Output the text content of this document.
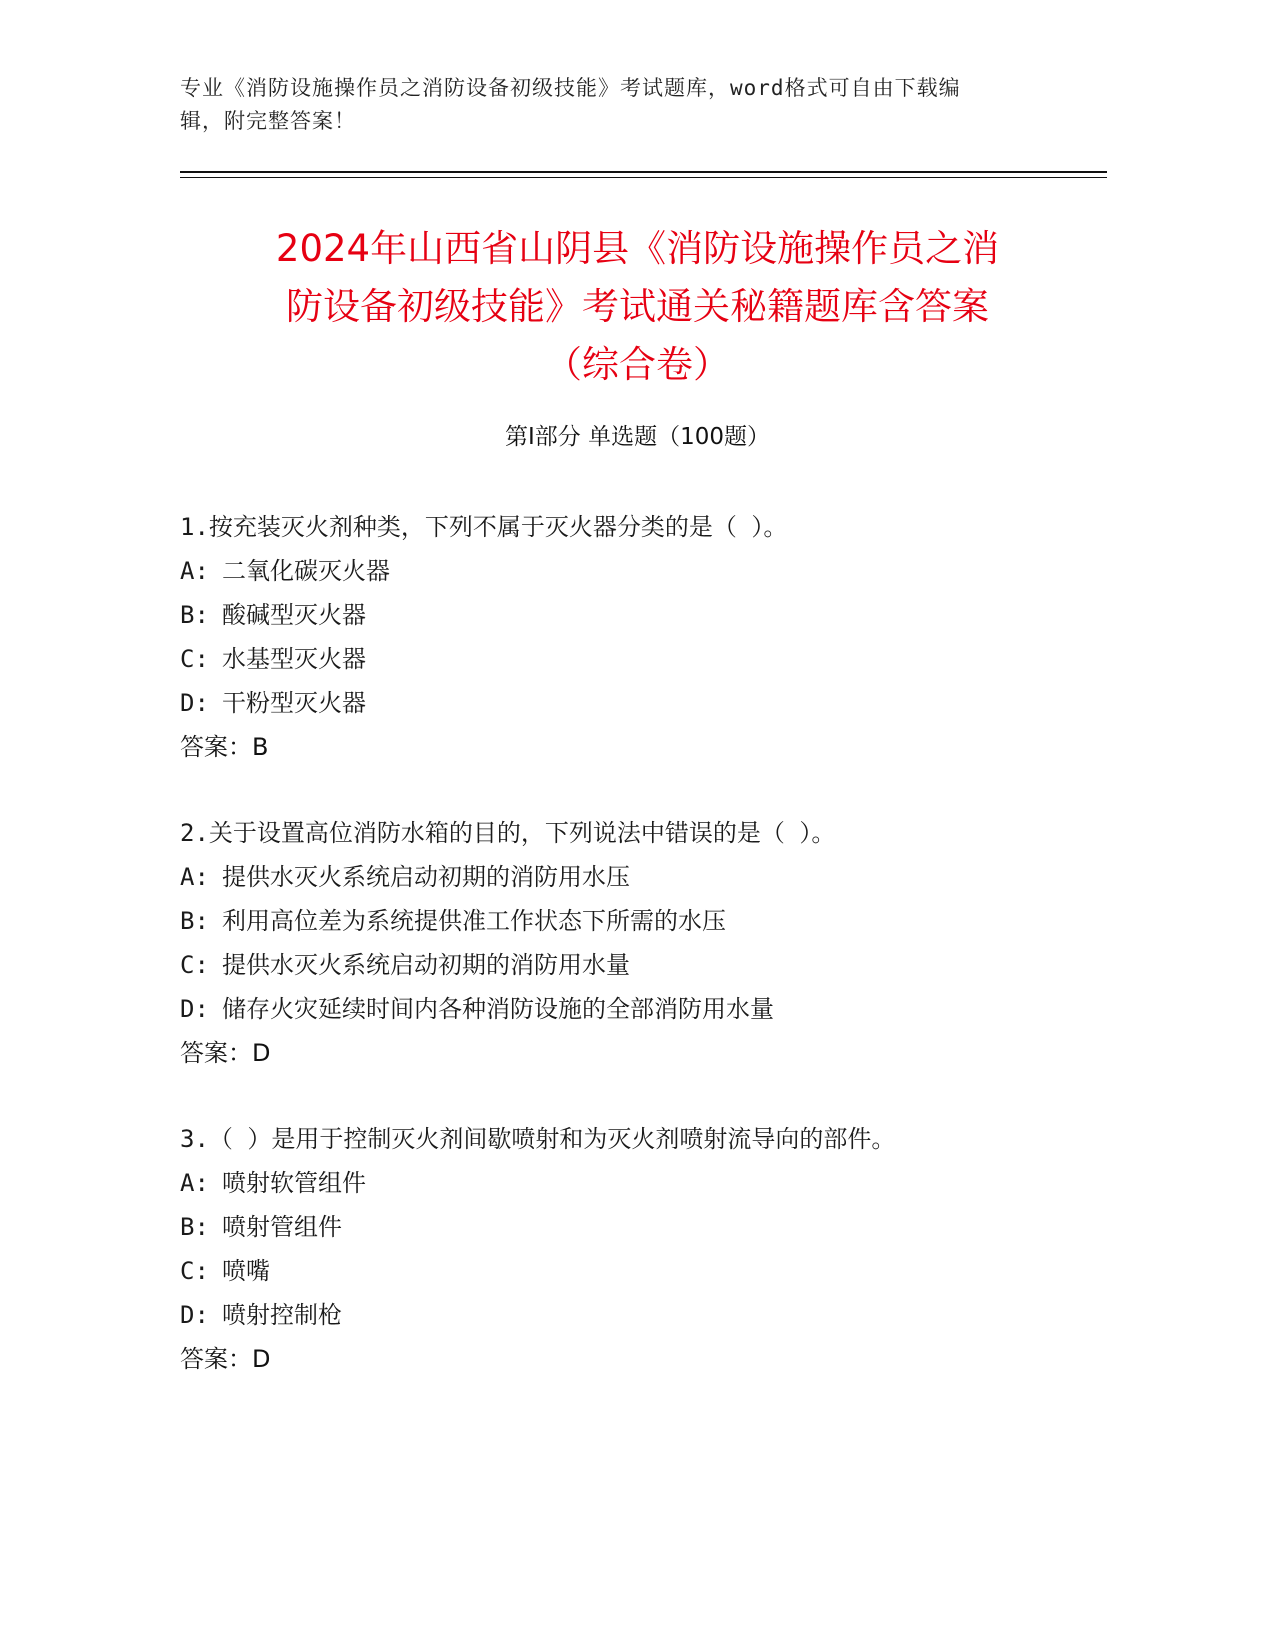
专业《消防设施操作员之消防设备初级技能》考试题库，word格式可自由下载编
辑，附完整答案！
2024年山西省山阴县《消防设施操作员之消
防设备初级技能》考试通关秘籍题库含答案
（综合卷）
第Ⅰ部分 单选题（100题）
1.按充装灭火剂种类，下列不属于灭火器分类的是（ ）。
A: 二氧化碳灭火器
B: 酸碱型灭火器
C: 水基型灭火器
D: 干粉型灭火器
答案：B
2.关于设置高位消防水箱的目的，下列说法中错误的是（ ）。
A: 提供水灭火系统启动初期的消防用水压
B: 利用高位差为系统提供准工作状态下所需的水压
C: 提供水灭火系统启动初期的消防用水量
D: 储存火灾延续时间内各种消防设施的全部消防用水量
答案：D
3.（ ）是用于控制灭火剂间歇喷射和为灭火剂喷射流导向的部件。
A: 喷射软管组件
B: 喷射管组件
C: 喷嘴
D: 喷射控制枪
答案：D
